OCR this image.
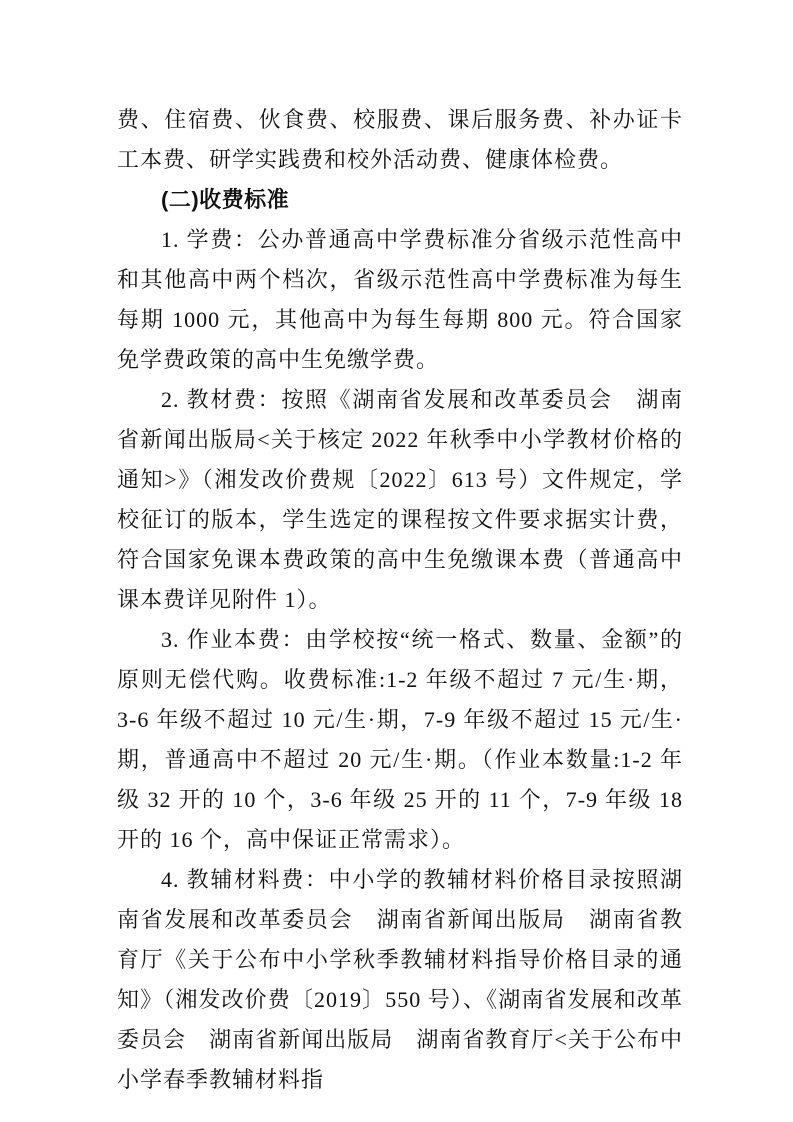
费、住宿费、伙食费、校服费、课后服务费、补办证卡工本费、研学实践费和校外活动费、健康体检费。

(二)收费标准

1. 学费：公办普通高中学费标准分省级示范性高中和其他高中两个档次，省级示范性高中学费标准为每生每期 1000 元，其他高中为每生每期 800 元。符合国家免学费政策的高中生免缴学费。

2. 教材费：按照《湖南省发展和改革委员会　湖南省新闻出版局<关于核定 2022 年秋季中小学教材价格的通知>》（湘发改价费规〔2022〕613 号）文件规定，学校征订的版本，学生选定的课程按文件要求据实计费，符合国家免课本费政策的高中生免缴课本费（普通高中课本费详见附件 1）。

3. 作业本费：由学校按“统一格式、数量、金额”的原则无偿代购。收费标准:1-2 年级不超过 7 元/生·期，3-6 年级不超过 10 元/生·期，7-9 年级不超过 15 元/生·期，普通高中不超过 20 元/生·期。（作业本数量:1-2 年级 32 开的 10 个，3-6 年级 25 开的 11 个，7-9 年级 18 开的 16 个，高中保证正常需求）。

4. 教辅材料费：中小学的教辅材料价格目录按照湖南省发展和改革委员会　湖南省新闻出版局　湖南省教育厅《关于公布中小学秋季教辅材料指导价格目录的通知》（湘发改价费〔2019〕550 号）、《湖南省发展和改革委员会　湖南省新闻出版局　湖南省教育厅<关于公布中小学春季教辅材料指
